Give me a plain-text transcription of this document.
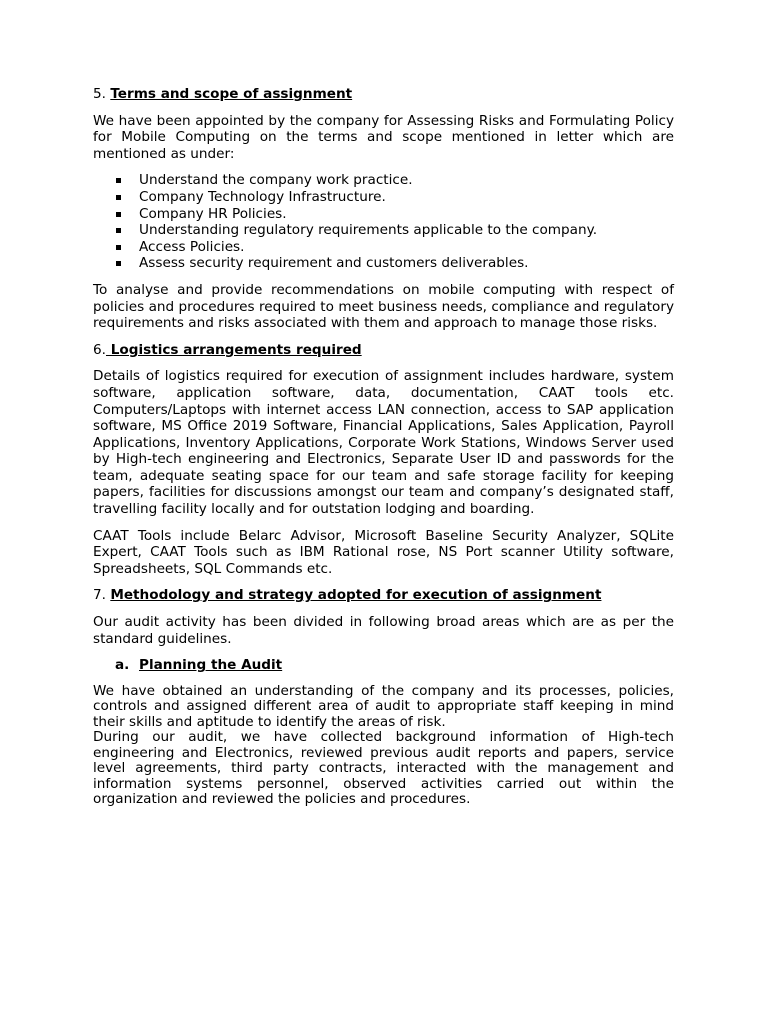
5. Terms and scope of assignment

We have been appointed by the company for Assessing Risks and Formulating Policy for Mobile Computing on the terms and scope mentioned in letter which are mentioned as under:

Understand the company work practice.
Company Technology Infrastructure.
Company HR Policies.
Understanding regulatory requirements applicable to the company.
Access Policies.
Assess security requirement and customers deliverables.

To analyse and provide recommendations on mobile computing with respect of policies and procedures required to meet business needs, compliance and regulatory requirements and risks associated with them and approach to manage those risks.

6. Logistics arrangements required

Details of logistics required for execution of assignment includes hardware, system software, application software, data, documentation, CAAT tools etc. Computers/Laptops with internet access LAN connection, access to SAP application software, MS Office 2019 Software, Financial Applications, Sales Application, Payroll Applications, Inventory Applications, Corporate Work Stations, Windows Server used by High-tech engineering and Electronics, Separate User ID and passwords for the team, adequate seating space for our team and safe storage facility for keeping papers, facilities for discussions amongst our team and company’s designated staff, travelling facility locally and for outstation lodging and boarding.

CAAT Tools include Belarc Advisor, Microsoft Baseline Security Analyzer, SQLite Expert, CAAT Tools such as IBM Rational rose, NS Port scanner Utility software, Spreadsheets, SQL Commands etc.

7. Methodology and strategy adopted for execution of assignment

Our audit activity has been divided in following broad areas which are as per the standard guidelines.

a. Planning the Audit

We have obtained an understanding of the company and its processes, policies, controls and assigned different area of audit to appropriate staff keeping in mind their skills and aptitude to identify the areas of risk.

During our audit, we have collected background information of High-tech engineering and Electronics, reviewed previous audit reports and papers, service level agreements, third party contracts, interacted with the management and information systems personnel, observed activities carried out within the organization and reviewed the policies and procedures.
